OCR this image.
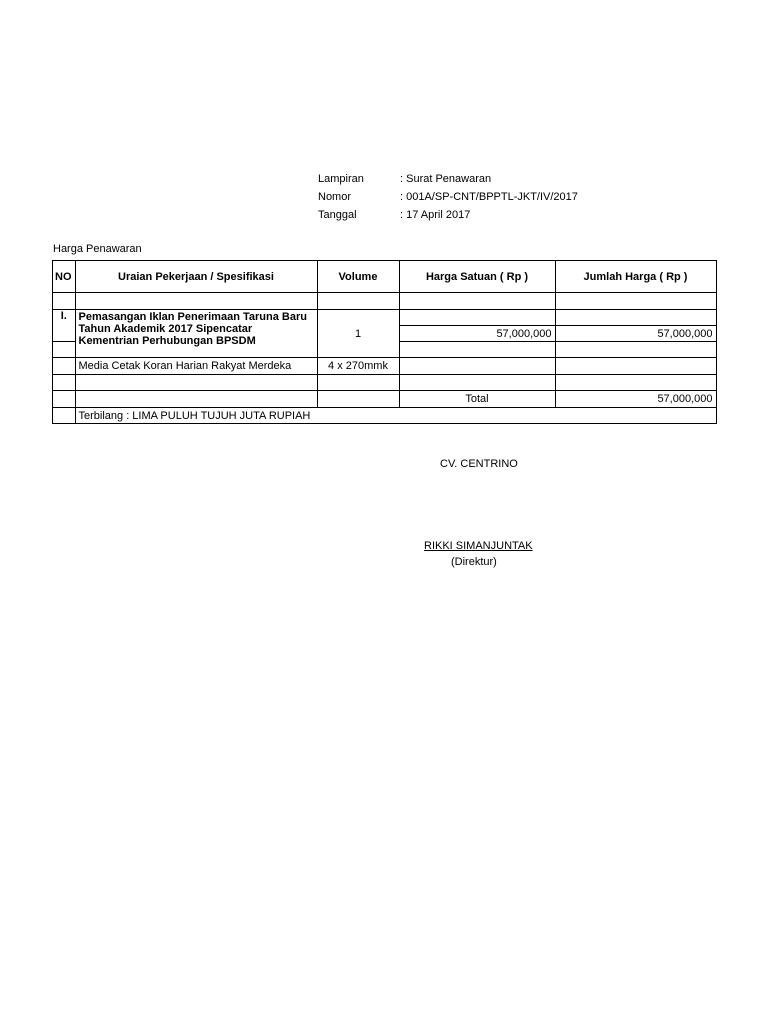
Lampiran	: Surat Penawaran
Nomor	: 001A/SP-CNT/BPPTL-JKT/IV/2017
Tanggal	: 17 April 2017
Harga Penawaran
NO	Uraian Pekerjaan / Spesifikasi	Volume	Harga Satuan ( Rp )	Jumlah Harga ( Rp )

I.	Pemasangan Iklan Penerimaan Taruna Baru Tahun Akademik 2017 Sipencatar Kementrian Perhubungan BPSDM	1		
			57,000,000	57,000,000

	Media Cetak Koran Harian Rakyat Merdeka	4 x 270mmk		

			Total	57,000,000
	Terbilang : LIMA PULUH TUJUH JUTA RUPIAH			
CV. CENTRINO
RIKKI SIMANJUNTAK
(Direktur)
